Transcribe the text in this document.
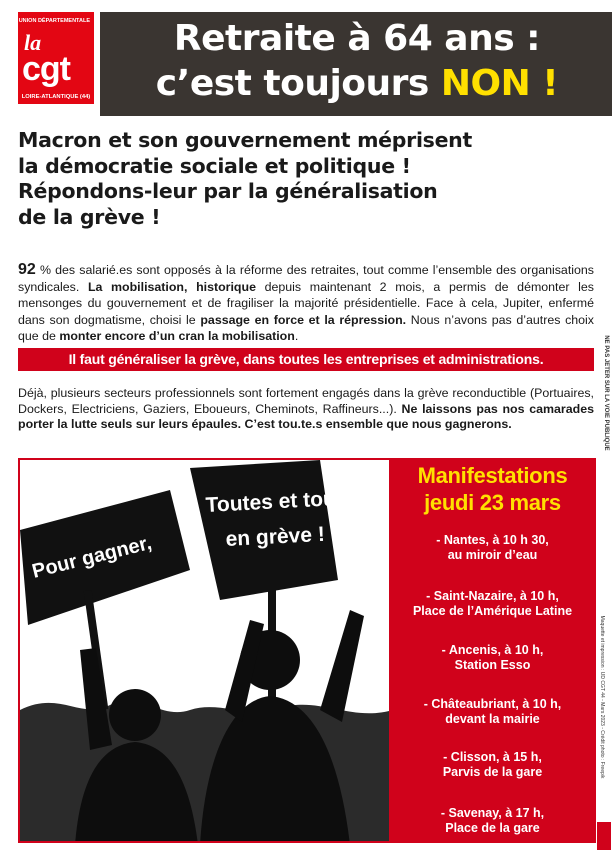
UNION DÉPARTEMENTALE
la
cgt
LOIRE-ATLANTIQUE (44)
Retraite à 64 ans :
c’est toujours NON !
Macron et son gouvernement méprisent
la démocratie sociale et politique !
Répondons-leur par la généralisation
de la grève !
92 % des salarié.es sont opposés à la réforme des retraites, tout comme l’ensemble des organisations syndicales. La mobilisation, historique depuis maintenant 2 mois, a permis de démonter les mensonges du gouvernement et de fragiliser la majorité présidentielle. Face à cela, Jupiter, enfermé dans son dogmatisme, choisi le passage en force et la répression. Nous n’avons pas d’autres choix que de monter encore d’un cran la mobilisation.
Il faut généraliser la grève, dans toutes les entreprises et administrations.
Déjà, plusieurs secteurs professionnels sont fortement engagés dans la grève reconductible (Portuaires, Dockers, Electriciens, Gaziers, Eboueurs, Cheminots, Raffineurs...). Ne laissons pas nos camarades porter la lutte seuls sur leurs épaules. C’est tou.te.s ensemble que nous gagnerons.	NE PAS JETER SUR LA VOIE PUBLIQUE
Maquette et impression : UD CGT 44 - Mars 2023 - Crédit photo : Freepik
Pour gagner,
Toutes et tous
en grève !
Manifestations
jeudi 23 mars
- Nantes, à 10 h 30,
au miroir d’eau
- Saint-Nazaire, à 10 h,
Place de l’Amérique Latine
- Ancenis, à 10 h,
Station Esso
- Châteaubriant, à 10 h,
devant la mairie
- Clisson, à 15 h,
Parvis de la gare
- Savenay, à 17 h,
Place de la gare
